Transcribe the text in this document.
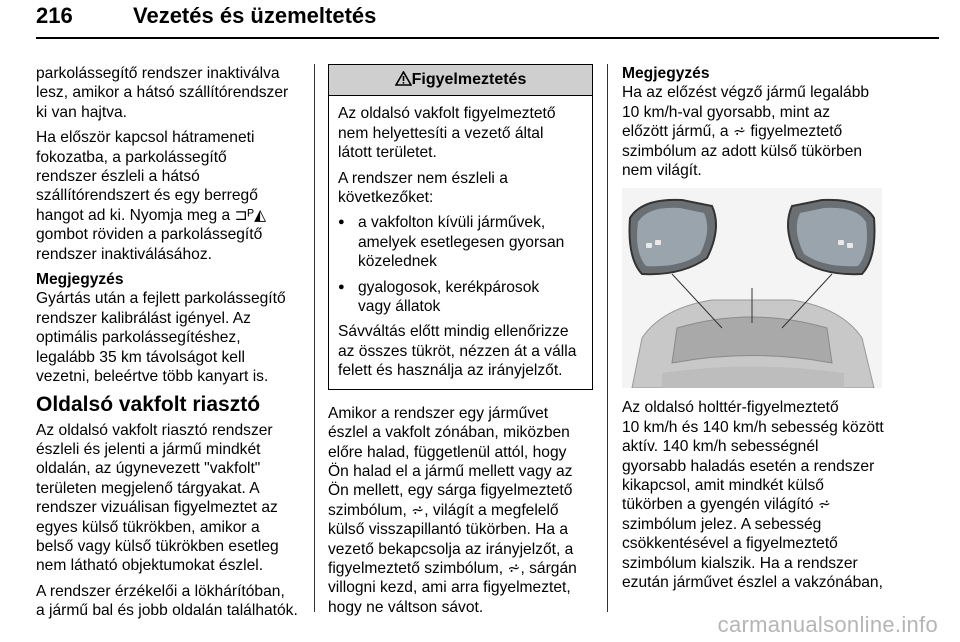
216	Vezetés és üzemeltetés

parkolássegítő rendszer inaktiválva
lesz, amikor a hátsó szállítórendszer
ki van hajtva.

Ha először kapcsol hátrameneti
fokozatba, a parkolássegítő
rendszer észleli a hátsó
szállítórendszert és egy berregő
hangot ad ki. Nyomja meg a ⊐ᴾ◭
gombot röviden a parkolássegítő
rendszer inaktiválásához.

Megjegyzés

Gyártás után a fejlett parkolássegítő
rendszer kalibrálást igényel. Az
optimális parkolássegítéshez,
legalább 35 km távolságot kell
vezetni, beleértve több kanyart is.

Oldalsó vakfolt riasztó

Az oldalsó vakfolt riasztó rendszer
észleli és jelenti a jármű mindkét
oldalán, az úgynevezett "vakfolt"
területen megjelenő tárgyakat. A
rendszer vizuálisan figyelmeztet az
egyes külső tükrökben, amikor a
belső vagy külső tükrökben esetleg
nem látható objektumokat észlel.

A rendszer érzékelői a lökhárítóban,
a jármű bal és jobb oldalán találhatók.

Figyelmeztetés

Az oldalsó vakfolt figyelmeztető
nem helyettesíti a vezető által
látott területet.

A rendszer nem észleli a
következőket:

● a vakfolton kívüli járművek,
amelyek esetlegesen gyorsan
közelednek
● gyalogosok, kerékpárosok
vagy állatok

Sávváltás előtt mindig ellenőrizze
az összes tükröt, nézzen át a válla
felett és használja az irányjelzőt.

Amikor a rendszer egy járművet
észlel a vakfolt zónában, miközben
előre halad, függetlenül attól, hogy
Ön halad el a jármű mellett vagy az
Ön mellett, egy sárga figyelmeztető
szimbólum, ⩫, világít a megfelelő
külső visszapillantó tükörben. Ha a
vezető bekapcsolja az irányjelzőt, a
figyelmeztető szimbólum, ⩫, sárgán
villogni kezd, ami arra figyelmeztet,
hogy ne váltson sávot.

Megjegyzés

Ha az előzést végző jármű legalább
10 km/h-val gyorsabb, mint az
előzött jármű, a ⩫ figyelmeztető
szimbólum az adott külső tükörben
nem világít.

Az oldalsó holttér-figyelmeztető
10 km/h és 140 km/h sebesség között
aktív. 140 km/h sebességnél
gyorsabb haladás esetén a rendszer
kikapcsol, amit mindkét külső
tükörben a gyengén világító ⩫
szimbólum jelez. A sebesség
csökkentésével a figyelmeztető
szimbólum kialszik. Ha a rendszer
ezután járművet észlel a vakzónában,

carmanualsonline.info
